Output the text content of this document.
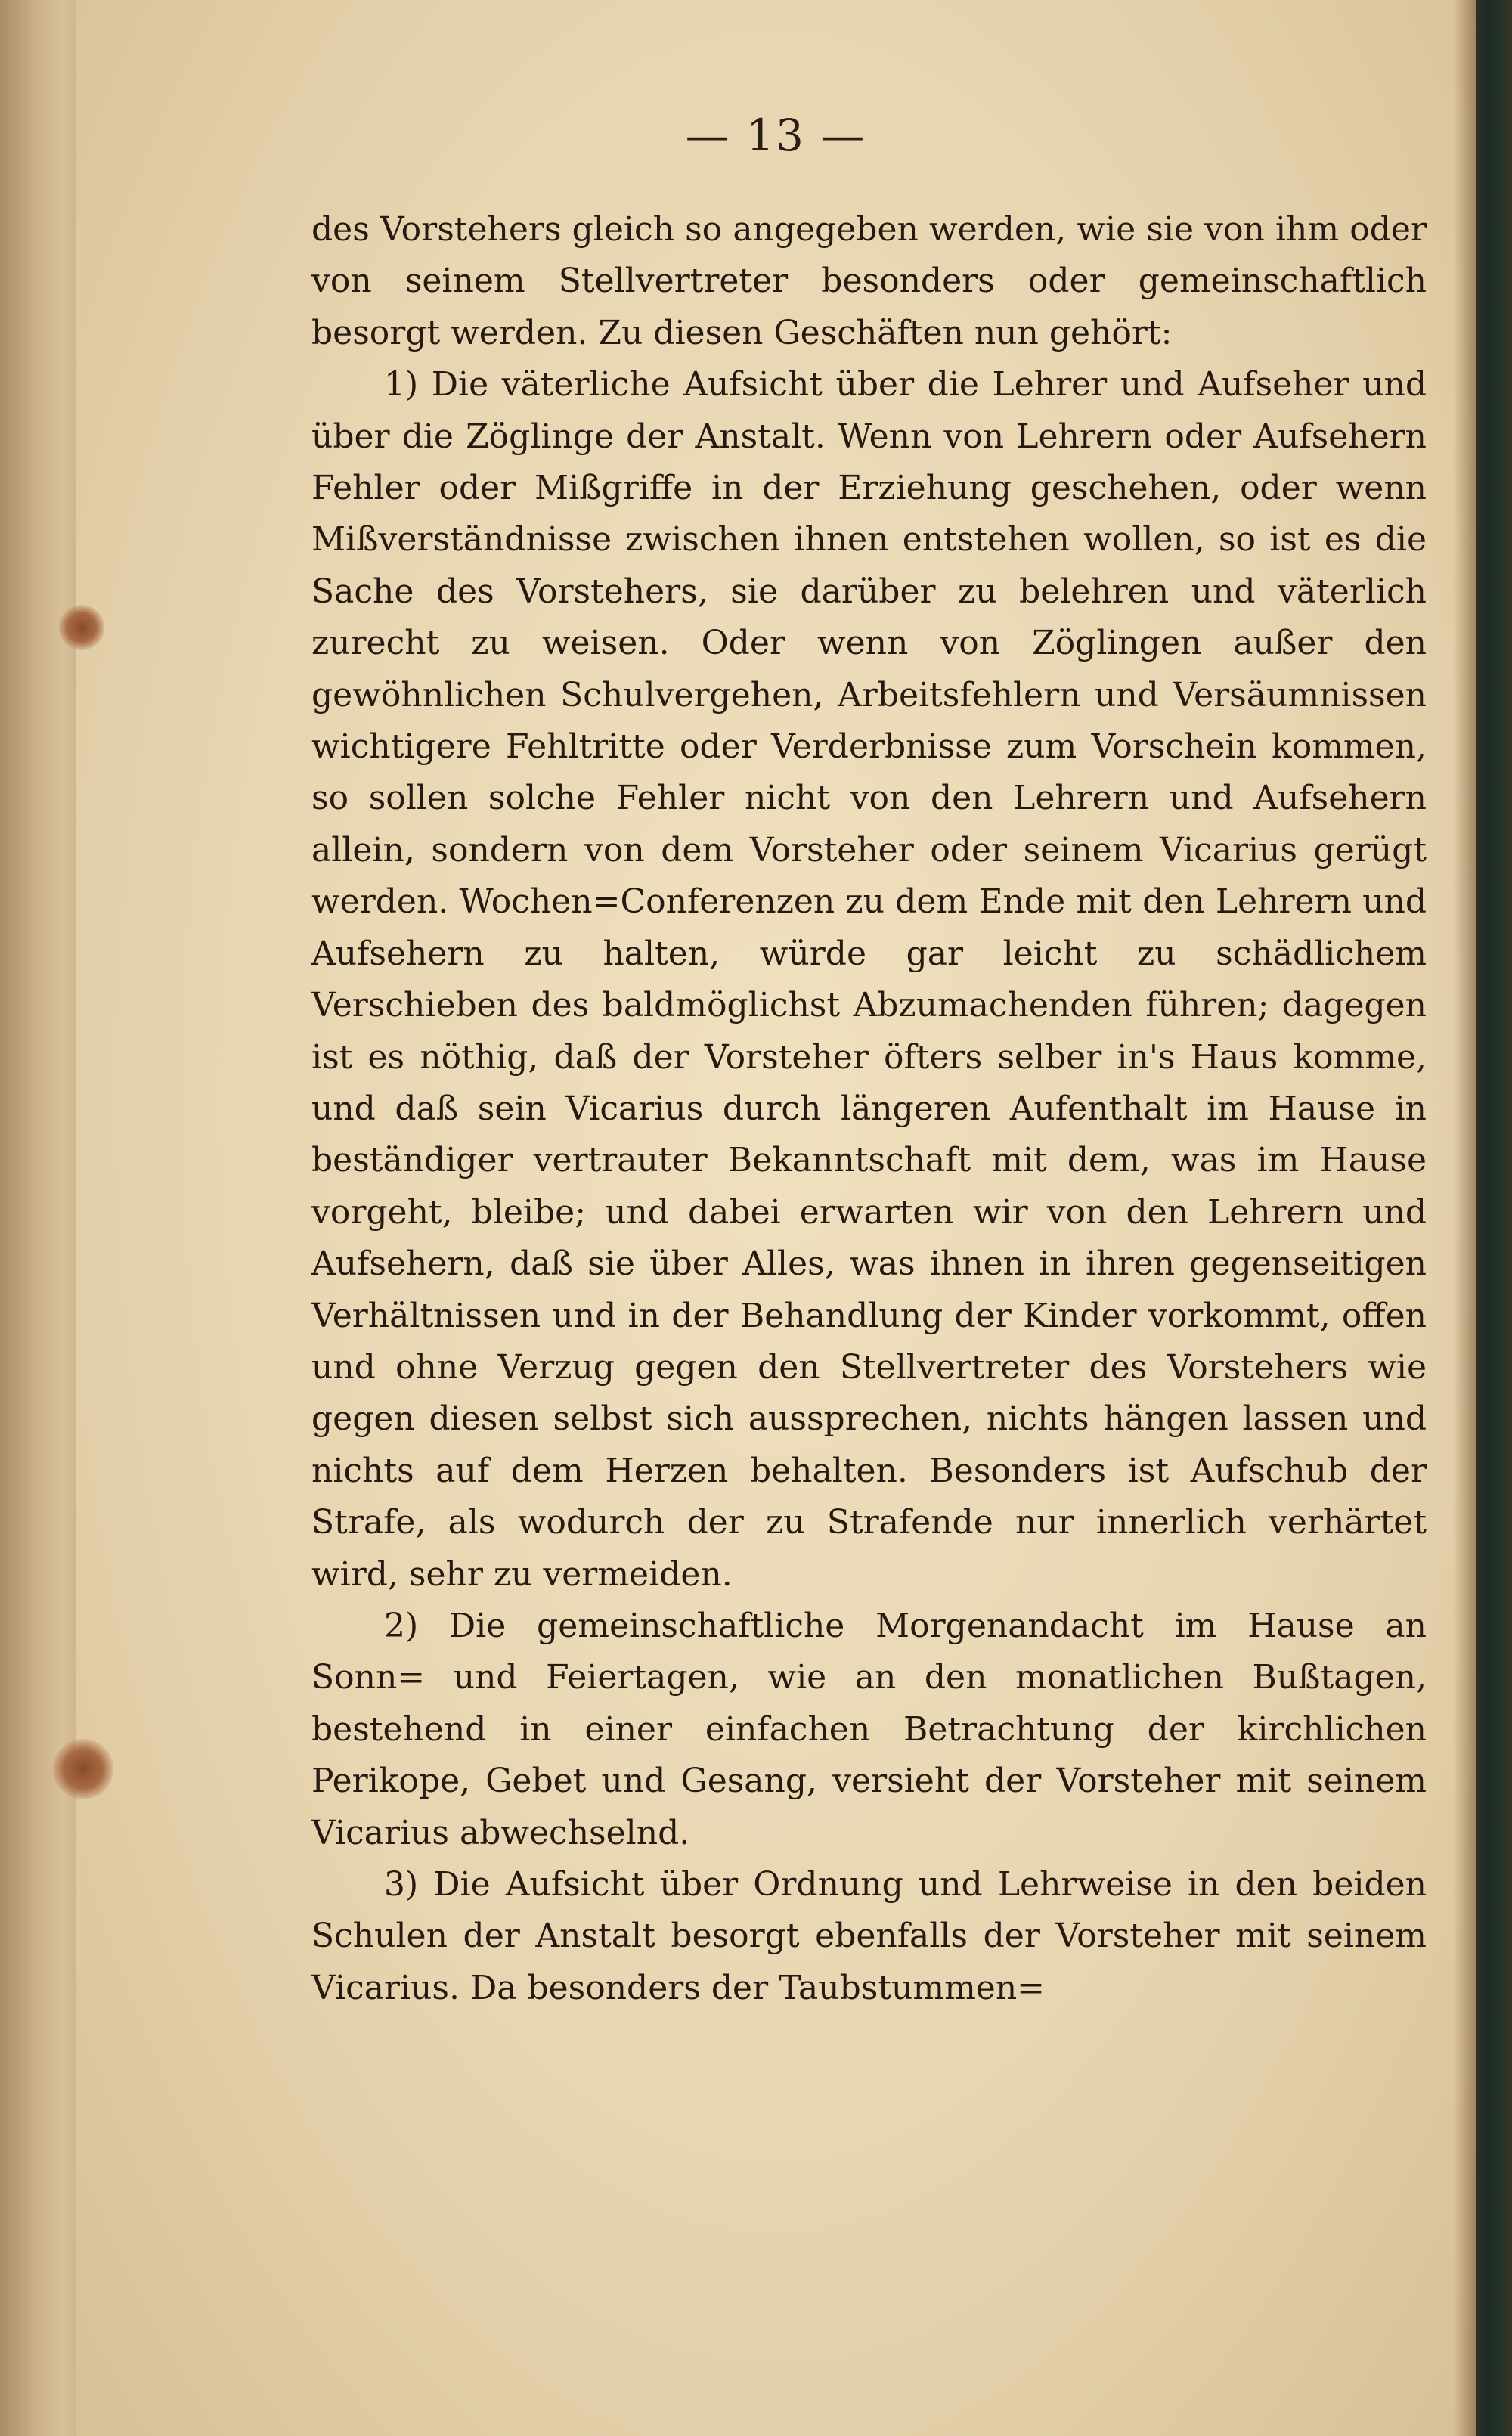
— 13 —

des Vorstehers gleich so angegeben werden, wie sie von ihm oder von seinem Stellvertreter besonders oder gemeinschaftlich besorgt werden. Zu diesen Geschäften nun gehört:

1) Die väterliche Aufsicht über die Lehrer und Aufseher und über die Zöglinge der Anstalt. Wenn von Lehrern oder Aufsehern Fehler oder Mißgriffe in der Erziehung geschehen, oder wenn Mißverständnisse zwischen ihnen entstehen wollen, so ist es die Sache des Vorstehers, sie darüber zu belehren und väterlich zurecht zu weisen. Oder wenn von Zöglingen außer den gewöhnlichen Schulvergehen, Arbeitsfehlern und Versäumnissen wichtigere Fehltritte oder Verderbnisse zum Vorschein kommen, so sollen solche Fehler nicht von den Lehrern und Aufsehern allein, sondern von dem Vorsteher oder seinem Vicarius gerügt werden. Wochen=Conferenzen zu dem Ende mit den Lehrern und Aufsehern zu halten, würde gar leicht zu schädlichem Verschieben des baldmöglichst Abzumachenden führen; dagegen ist es nöthig, daß der Vorsteher öfters selber in's Haus komme, und daß sein Vicarius durch längeren Aufenthalt im Hause in beständiger vertrauter Bekanntschaft mit dem, was im Hause vorgeht, bleibe; und dabei erwarten wir von den Lehrern und Aufsehern, daß sie über Alles, was ihnen in ihren gegenseitigen Verhältnissen und in der Behandlung der Kinder vorkommt, offen und ohne Verzug gegen den Stellvertreter des Vorstehers wie gegen diesen selbst sich aussprechen, nichts hängen lassen und nichts auf dem Herzen behalten. Besonders ist Aufschub der Strafe, als wodurch der zu Strafende nur innerlich verhärtet wird, sehr zu vermeiden.

2) Die gemeinschaftliche Morgenandacht im Hause an Sonn= und Feiertagen, wie an den monatlichen Bußtagen, bestehend in einer einfachen Betrachtung der kirchlichen Perikope, Gebet und Gesang, versieht der Vorsteher mit seinem Vicarius abwechselnd.

3) Die Aufsicht über Ordnung und Lehrweise in den beiden Schulen der Anstalt besorgt ebenfalls der Vorsteher mit seinem Vicarius. Da besonders der Taubstummen=
